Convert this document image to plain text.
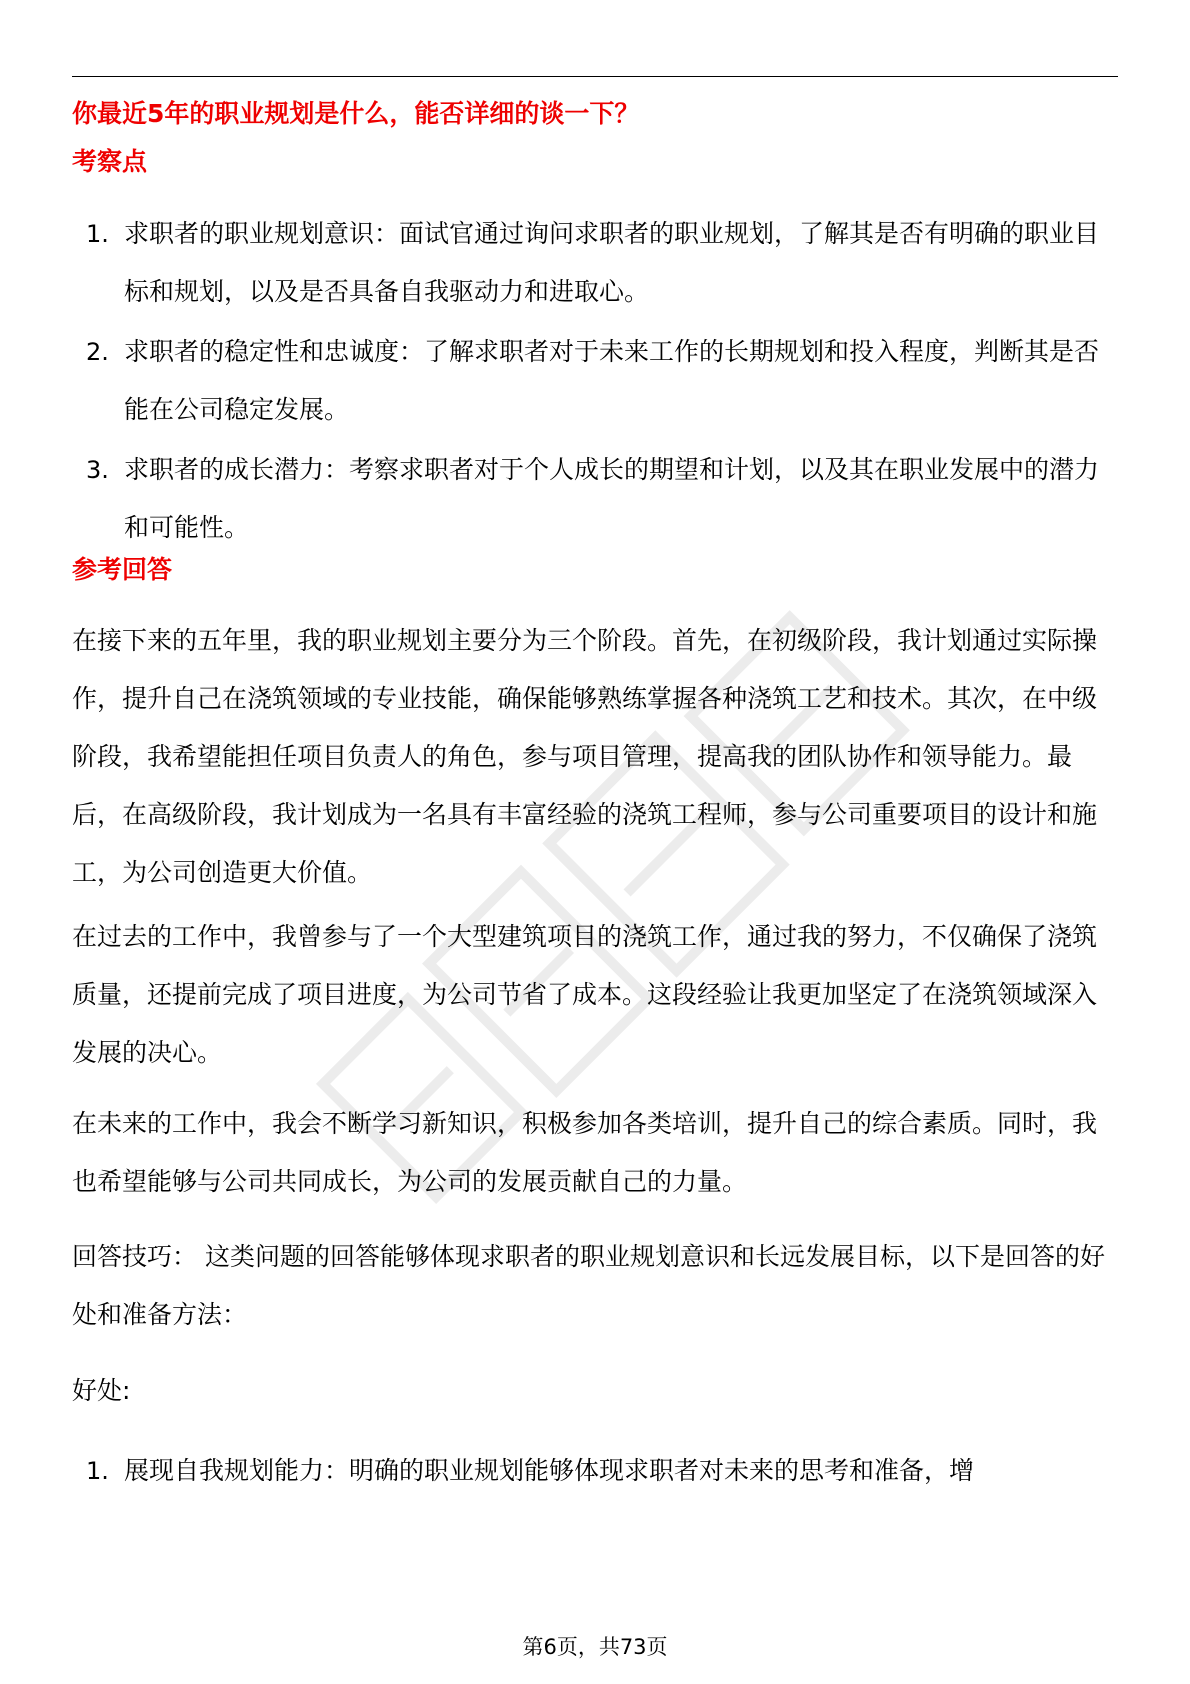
你最近5年的职业规划是什么，能否详细的谈一下？
考察点
1. 求职者的职业规划意识：面试官通过询问求职者的职业规划，了解其是否有明确的职业目标和规划，以及是否具备自我驱动力和进取心。
2. 求职者的稳定性和忠诚度：了解求职者对于未来工作的长期规划和投入程度，判断其是否能在公司稳定发展。
3. 求职者的成长潜力：考察求职者对于个人成长的期望和计划，以及其在职业发展中的潜力和可能性。
参考回答

在接下来的五年里，我的职业规划主要分为三个阶段。首先，在初级阶段，我计划通过实际操作，提升自己在浇筑领域的专业技能，确保能够熟练掌握各种浇筑工艺和技术。其次，在中级阶段，我希望能担任项目负责人的角色，参与项目管理，提高我的团队协作和领导能力。最后，在高级阶段，我计划成为一名具有丰富经验的浇筑工程师，参与公司重要项目的设计和施工，为公司创造更大价值。

在过去的工作中，我曾参与了一个大型建筑项目的浇筑工作，通过我的努力，不仅确保了浇筑质量，还提前完成了项目进度，为公司节省了成本。这段经验让我更加坚定了在浇筑领域深入发展的决心。

在未来的工作中，我会不断学习新知识，积极参加各类培训，提升自己的综合素质。同时，我也希望能够与公司共同成长，为公司的发展贡献自己的力量。

回答技巧： 这类问题的回答能够体现求职者的职业规划意识和长远发展目标，以下是回答的好处和准备方法：

好处:

1. 展现自我规划能力：明确的职业规划能够体现求职者对未来的思考和准备，增
第6页，共73页
